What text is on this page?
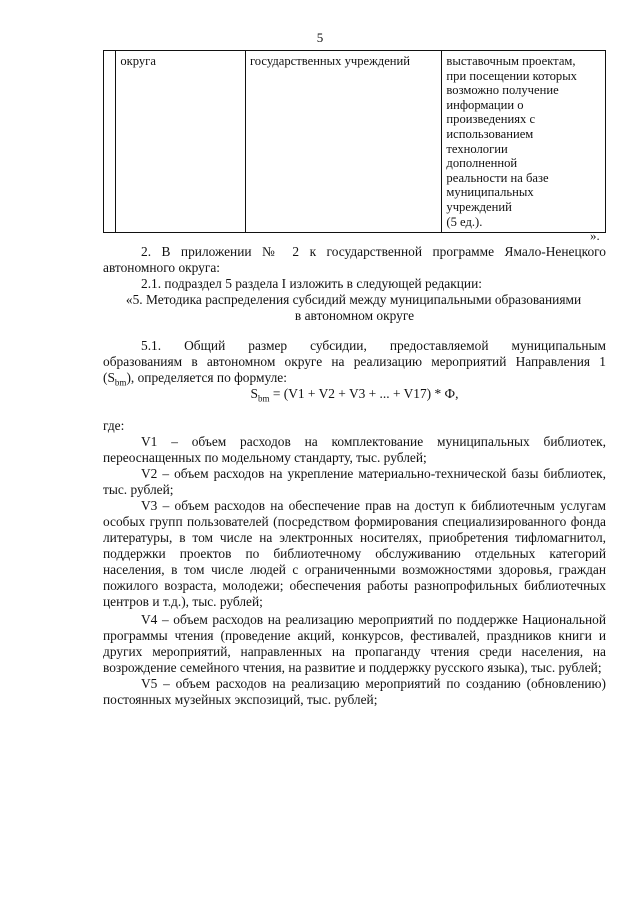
5
	округа	государственных учреждений	выставочным проектам,
при посещении которых
возможно получение
информации о
произведениях с
использованием
технологии
дополненной
реальности на базе
муниципальных
учреждений
(5 ед.).
».

2. В приложении № 2 к государственной программе Ямало-Ненецкого

автономного округа:

2.1. подраздел 5 раздела I изложить в следующей редакции:

«5. Методика распределения субсидий между муниципальными образованиями

в автономном округе

5.1. Общий размер субсидии, предоставляемой муниципальным

образованиям в автономном округе на реализацию мероприятий Направления 1

$(S_{bm})$, определяется по формуле:

$S_{bm} = (V1 + V2 + V3$ + ... + V17) * Ф,

где:

V1 – объем расходов на комплектование муниципальных библиотек, переоснащенных по модельному стандарту, тыс. рублей;

V2 – объем расходов на укрепление материально-технической базы библиотек, тыс. рублей;

V3 – объем расходов на обеспечение прав на доступ к библиотечным услугам особых групп пользователей (посредством формирования специализированного фонда литературы, в том числе на электронных носителях, приобретения тифломагнитол, поддержки проектов по библиотечному обслуживанию отдельных категорий населения, в том числе людей с ограниченными возможностями здоровья, граждан пожилого возраста, молодежи; обеспечения работы разнопрофильных библиотечных центров и т.д.), тыс. рублей;

V4 – объем расходов на реализацию мероприятий по поддержке Национальной программы чтения (проведение акций, конкурсов, фестивалей, праздников книги и других мероприятий, направленных на пропаганду чтения среди населения, на возрождение семейного чтения, на развитие и поддержку русского языка), тыс. рублей;

V5 – объем расходов на реализацию мероприятий по созданию (обновлению) постоянных музейных экспозиций, тыс. рублей;
